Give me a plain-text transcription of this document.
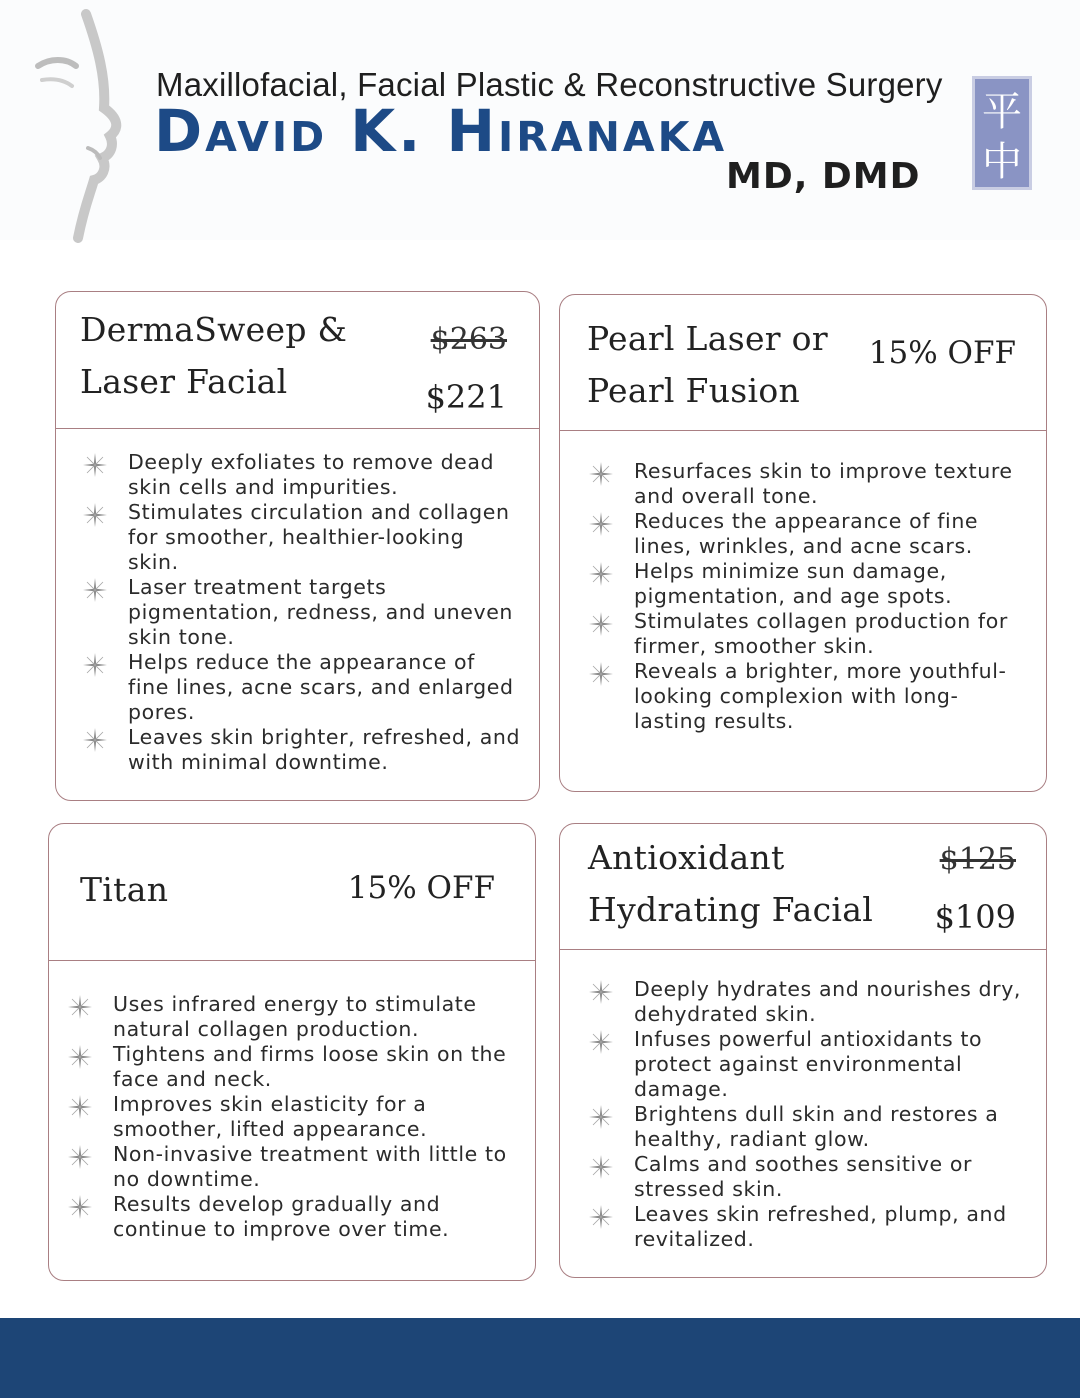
Maxillofacial, Facial Plastic & Reconstructive Surgery
David K. Hiranaka
MD, DMD
平
中
DermaSweep &
Laser Facial
$263
$221
Deeply exfoliates to remove dead skin cells and impurities.
Stimulates circulation and collagen for smoother, healthier-looking skin.
Laser treatment targets pigmentation, redness, and uneven skin tone.
Helps reduce the appearance of fine lines, acne scars, and enlarged pores.
Leaves skin brighter, refreshed, and with minimal downtime.
Pearl Laser or
Pearl Fusion
15% OFF
Resurfaces skin to improve texture and overall tone.
Reduces the appearance of fine lines, wrinkles, and acne scars.
Helps minimize sun damage, pigmentation, and age spots.
Stimulates collagen production for firmer, smoother skin.
Reveals a brighter, more youthful-looking complexion with long-lasting results.
Titan	15% OFF
Uses infrared energy to stimulate natural collagen production.
Tightens and firms loose skin on the face and neck.
Improves skin elasticity for a smoother, lifted appearance.
Non-invasive treatment with little to no downtime.
Results develop gradually and continue to improve over time.
Antioxidant
Hydrating Facial
$125
$109
Deeply hydrates and nourishes dry, dehydrated skin.
Infuses powerful antioxidants to protect against environmental damage.
Brightens dull skin and restores a healthy, radiant glow.
Calms and soothes sensitive or stressed skin.
Leaves skin refreshed, plump, and revitalized.
